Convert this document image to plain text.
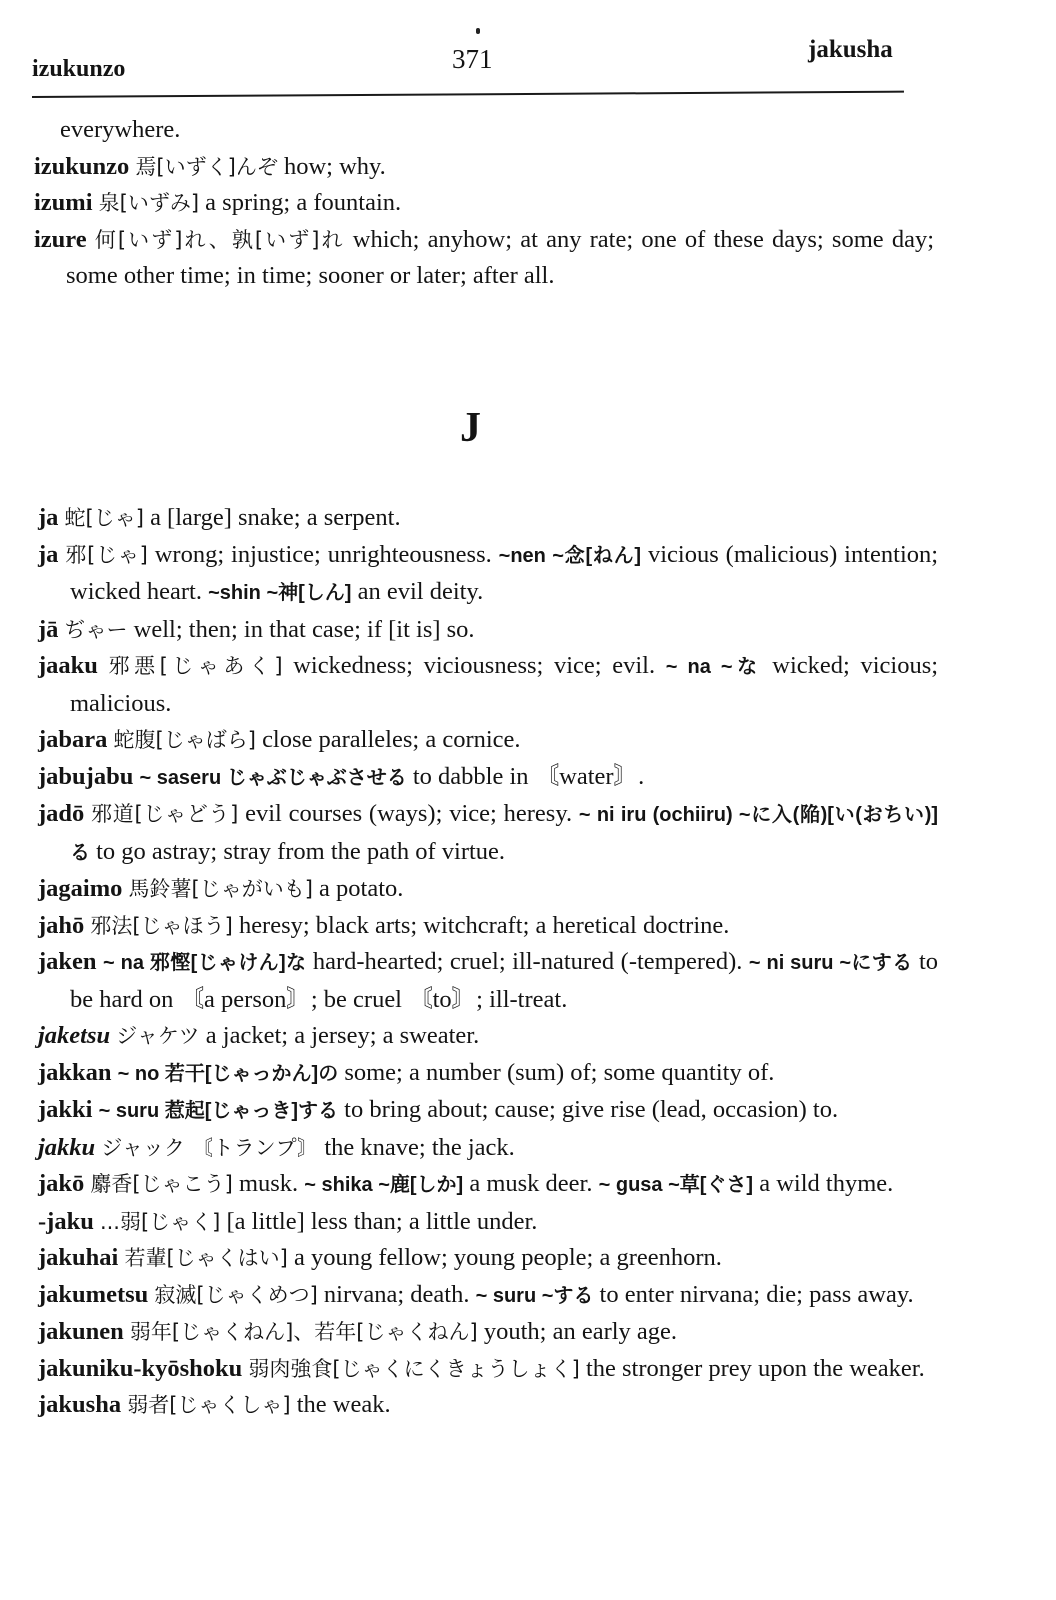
izukunzo	371	jakusha
everywhere.
izukunzo 焉[いずく]んぞ how; why.
izumi 泉[いずみ] a spring; a fountain.
izure 何[いず]れ、孰[いず]れ which; anyhow; at any rate; one of these days; some day; some other time; in time; sooner or later; after all.
J
ja 蛇[じゃ] a [large] snake; a serpent.
ja 邪[じゃ] wrong; injustice; unrighteousness. ~nen ~念[ねん] vicious (malicious) intention; wicked heart. ~shin ~神[しん] an evil deity.
jā ぢゃー well; then; in that case; if [it is] so.
jaaku 邪悪[じゃあく] wickedness; viciousness; vice; evil. ~ na ~な wicked; vicious; malicious.
jabara 蛇腹[じゃばら] close paralleles; a cornice.
jabujabu ~ saseru じゃぶじゃぶさせる to dabble in 〘water〙.
jadō 邪道[じゃどう] evil courses (ways); vice; heresy. ~ ni iru (ochiiru) ~に入(陥)[い(おちい)]る to go astray; stray from the path of virtue.
jagaimo 馬鈴薯[じゃがいも] a potato.
jahō 邪法[じゃほう] heresy; black arts; witchcraft; a heretical doctrine.
jaken ~ na 邪慳[じゃけん]な hard-hearted; cruel; ill-natured (-tempered). ~ ni suru ~にする to be hard on 〘a person〙; be cruel 〘to〙; ill-treat.
jaketsu ジャケツ a jacket; a jersey; a sweater.
jakkan ~ no 若干[じゃっかん]の some; a number (sum) of; some quantity of.
jakki ~ suru 惹起[じゃっき]する to bring about; cause; give rise (lead, occasion) to.
jakku ジャック 〘トランプ〙 the knave; the jack.
jakō 麝香[じゃこう] musk. ~ shika ~鹿[しか] a musk deer. ~ gusa ~草[ぐさ] a wild thyme.
-jaku ...弱[じゃく] [a little] less than; a little under.
jakuhai 若輩[じゃくはい] a young fellow; young people; a greenhorn.
jakumetsu 寂滅[じゃくめつ] nirvana; death. ~ suru ~する to enter nirvana; die; pass away.
jakunen 弱年[じゃくねん]、若年[じゃくねん] youth; an early age.
jakuniku-kyōshoku 弱肉強食[じゃくにくきょうしょく] the stronger prey upon the weaker.
jakusha 弱者[じゃくしゃ] the weak.
